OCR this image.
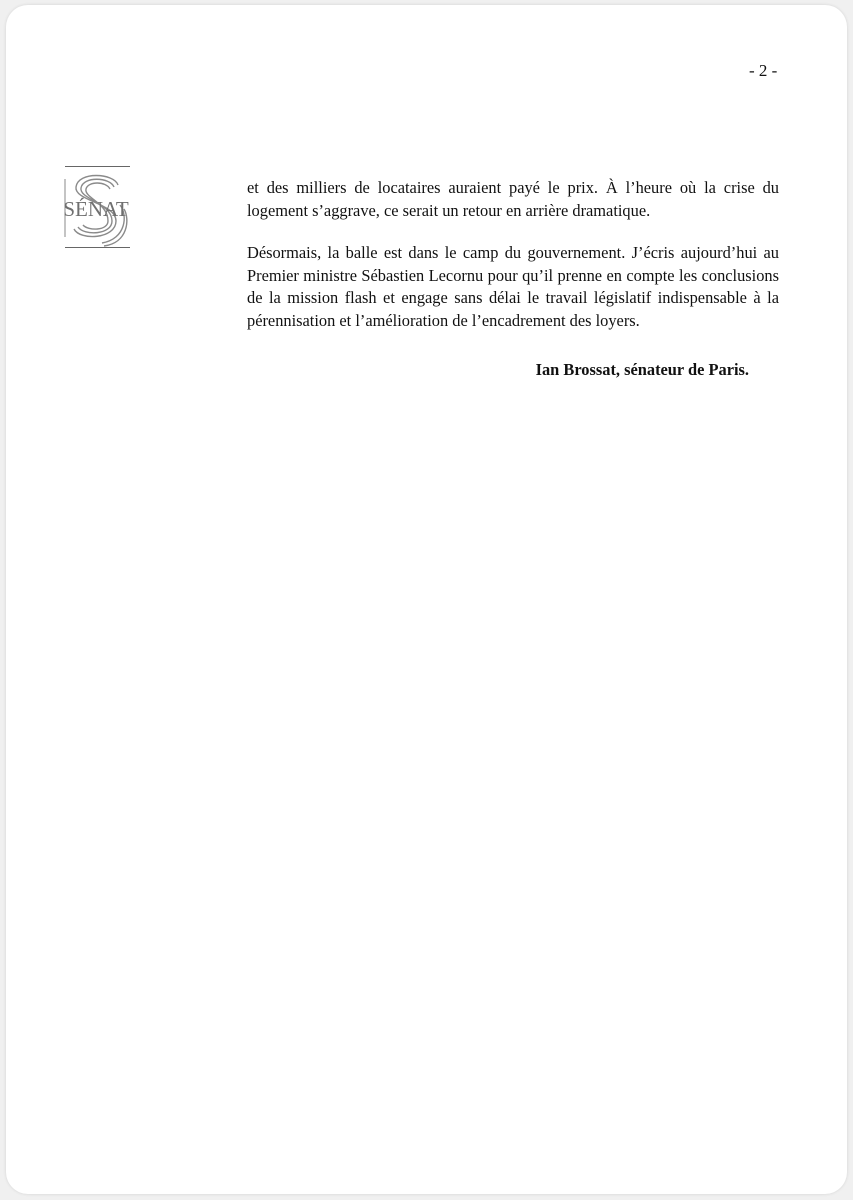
- 2 -
SÉNAT

et des milliers de locataires auraient payé le prix. À l’heure où la crise du logement s’aggrave, ce serait un retour en arrière dramatique.

Désormais, la balle est dans le camp du gouvernement. J’écris aujourd’hui au Premier ministre Sébastien Lecornu pour qu’il prenne en compte les conclusions de la mission flash et engage sans délai le travail législatif indispensable à la pérennisation et l’amélioration de l’encadrement des loyers.

Ian Brossat, sénateur de Paris.
